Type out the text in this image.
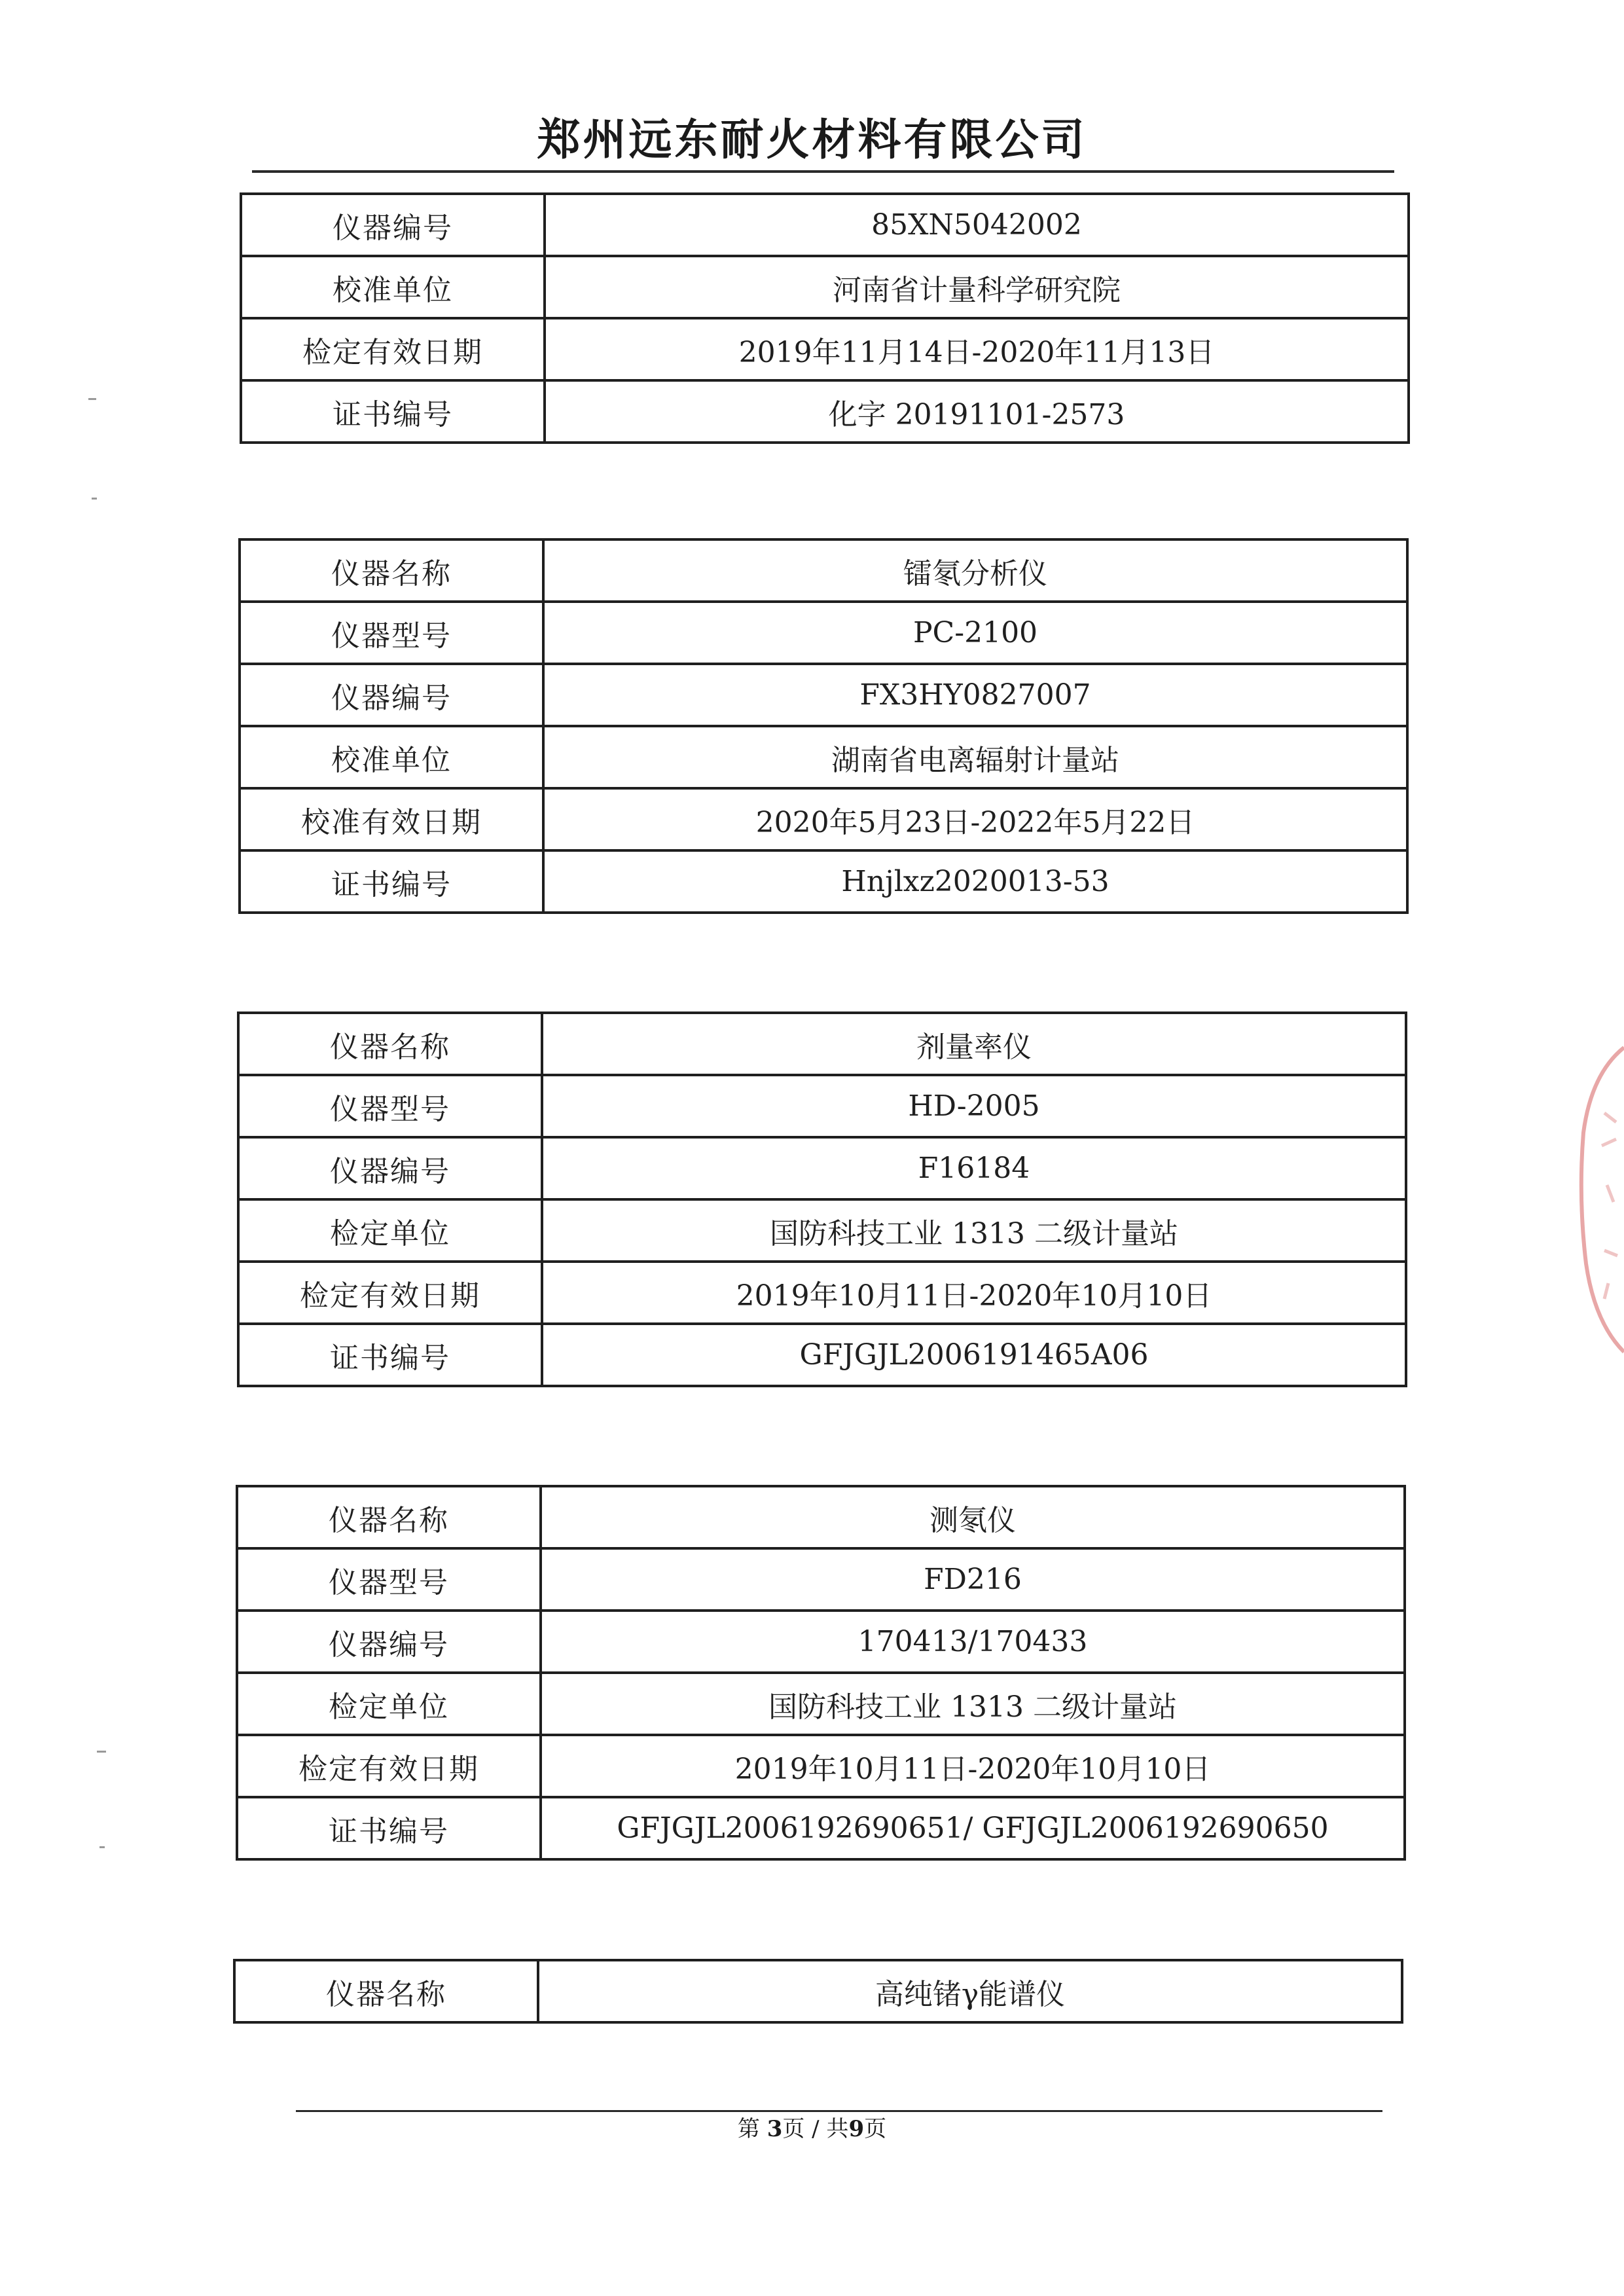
郑州远东耐火材料有限公司
仪器编号	85XN5042002
校准单位	河南省计量科学研究院
检定有效日期	2019年11月14日-2020年11月13日
证书编号	化字 20191101-2573
仪器名称	镭氡分析仪
仪器型号	PC-2100
仪器编号	FX3HY0827007
校准单位	湖南省电离辐射计量站
校准有效日期	2020年5月23日-2022年5月22日
证书编号	Hnjlxz2020013-53
仪器名称	剂量率仪
仪器型号	HD-2005
仪器编号	F16184
检定单位	国防科技工业 1313 二级计量站
检定有效日期	2019年10月11日-2020年10月10日
证书编号	GFJGJL2006191465A06
仪器名称	测氡仪
仪器型号	FD216
仪器编号	170413/170433
检定单位	国防科技工业 1313 二级计量站
检定有效日期	2019年10月11日-2020年10月10日
证书编号	GFJGJL2006192690651/ GFJGJL2006192690650
仪器名称	高纯锗γ能谱仪
第 3页 / 共9页
